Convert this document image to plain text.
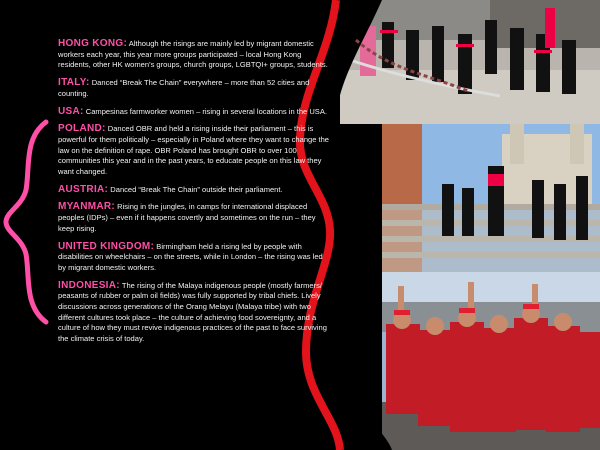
HONG KONG: Although the risings are mainly led by migrant domestic workers each year, this year more groups participated – local Hong Kong residents, other HK women’s groups, church groups, LGBTQI+ groups, students.
ITALY: Danced “Break The Chain” everywhere – more than 52 cities and counting.
USA: Campesinas farmworker women – rising in several locations in the USA.
POLAND: Danced OBR and held a rising inside their parliament – this is powerful for them politically – especially in Poland where they want to change the law on the definition of rape. OBR Poland has brought OBR to over 100 communities this year and in the past years, to educate people on this law they want changed.
AUSTRIA: Danced “Break The Chain” outside their parliament.
MYANMAR: Rising in the jungles, in camps for international displaced peoples (IDPs) – even if it happens covertly and sometimes on the run – they keep rising.
UNITED KINGDOM: Birmingham held a rising led by people with disabilities on wheelchairs – on the streets, while in London – the rising was led by migrant domestic workers.
INDONESIA: The rising of the Malaya indigenous people (mostly farmers/ peasants of rubber or palm oil fields) was fully supported by tribal chiefs. Lively discussions across generations of the Orang Melayu (Malaya tribe) with two different cultures took place – the culture of achieving food sovereignty, and a culture of how they must revive indigenous practices of the past to face surviving the climate crisis of today.
